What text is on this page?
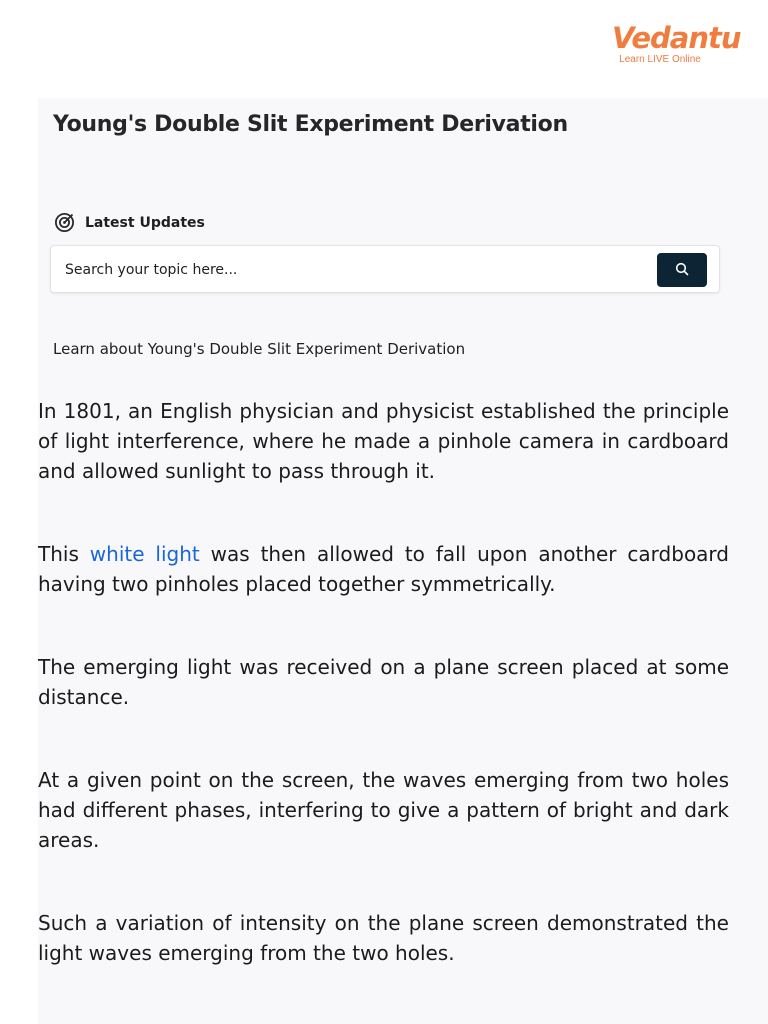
Vedantu
Learn LIVE Online
Young's Double Slit Experiment Derivation
Latest Updates
Search your topic here...
Learn about Young's Double Slit Experiment Derivation

In 1801, an English physician and physicist established the principle of light interference, where he made a pinhole camera in cardboard and allowed sunlight to pass through it.

This white light was then allowed to fall upon another cardboard having two pinholes placed together symmetrically.

The emerging light was received on a plane screen placed at some distance.

At a given point on the screen, the waves emerging from two holes had different phases, interfering to give a pattern of bright and dark areas.

Such a variation of intensity on the plane screen demonstrated the light waves emerging from the two holes.
